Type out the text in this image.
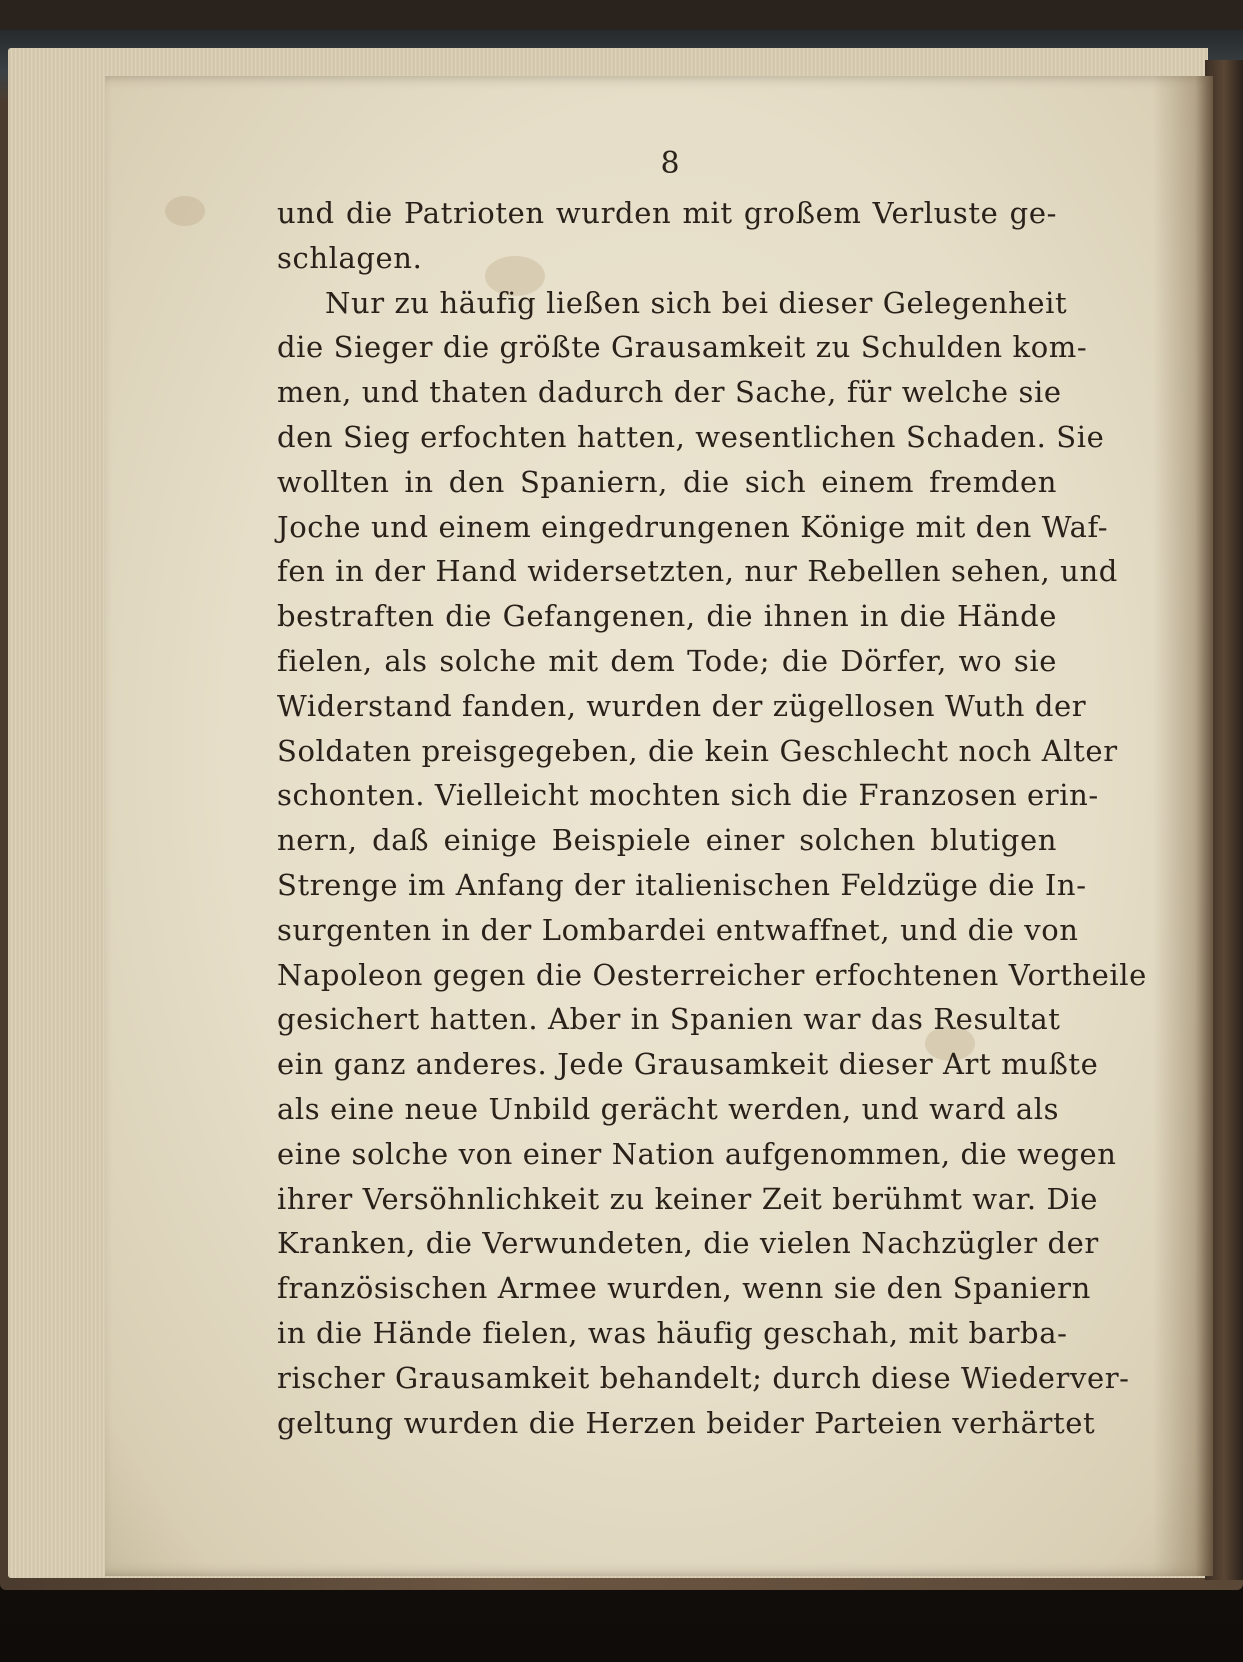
8
und die Patrioten wurden mit großem Verluste ge-
schlagen.
Nur zu häufig ließen sich bei dieser Gelegenheit
die Sieger die größte Grausamkeit zu Schulden kom-
men, und thaten dadurch der Sache, für welche sie
den Sieg erfochten hatten, wesentlichen Schaden. Sie
wollten in den Spaniern, die sich einem fremden
Joche und einem eingedrungenen Könige mit den Waf-
fen in der Hand widersetzten, nur Rebellen sehen, und
bestraften die Gefangenen, die ihnen in die Hände
fielen, als solche mit dem Tode; die Dörfer, wo sie
Widerstand fanden, wurden der zügellosen Wuth der
Soldaten preisgegeben, die kein Geschlecht noch Alter
schonten. Vielleicht mochten sich die Franzosen erin-
nern, daß einige Beispiele einer solchen blutigen
Strenge im Anfang der italienischen Feldzüge die In-
surgenten in der Lombardei entwaffnet, und die von
Napoleon gegen die Oesterreicher erfochtenen Vortheile
gesichert hatten. Aber in Spanien war das Resultat
ein ganz anderes. Jede Grausamkeit dieser Art mußte
als eine neue Unbild gerächt werden, und ward als
eine solche von einer Nation aufgenommen, die wegen
ihrer Versöhnlichkeit zu keiner Zeit berühmt war. Die
Kranken, die Verwundeten, die vielen Nachzügler der
französischen Armee wurden, wenn sie den Spaniern
in die Hände fielen, was häufig geschah, mit barba-
rischer Grausamkeit behandelt; durch diese Wiederver-
geltung wurden die Herzen beider Parteien verhärtet
